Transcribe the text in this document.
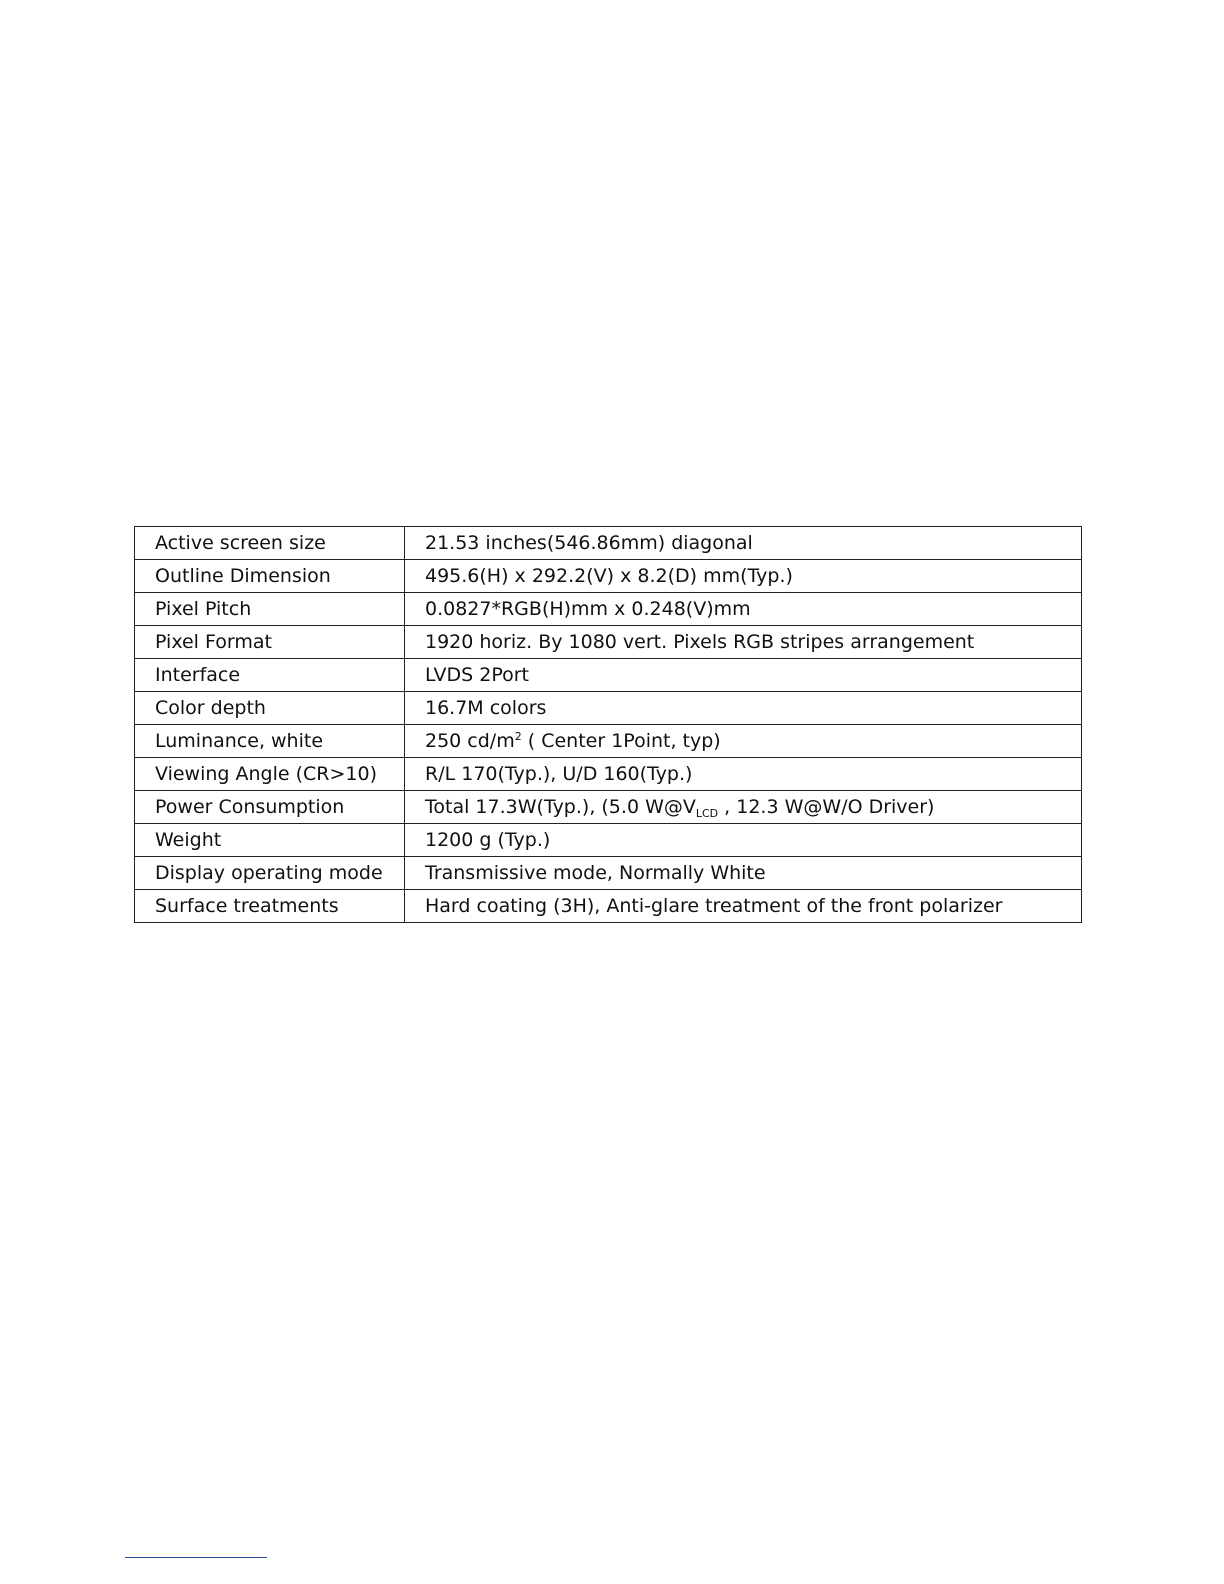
Active screen size	21.53 inches(546.86mm) diagonal
Outline Dimension	495.6(H) x 292.2(V) x 8.2(D) mm(Typ.)
Pixel Pitch	0.0827*RGB(H)mm x 0.248(V)mm
Pixel Format	1920 horiz. By 1080 vert. Pixels RGB stripes arrangement
Interface	LVDS 2Port
Color depth	16.7M colors
Luminance, white	250 $cd/m^2$ ( Center 1Point, typ)
Viewing Angle (CR>10)	R/L 170(Typ.), U/D 160(Typ.)
Power Consumption	Total 17.3W(Typ.), (5.0 $W@V_{LCD}$ , 12.3 W@W/O Driver)
Weight	1200 g (Typ.)
Display operating mode	Transmissive mode, Normally White
Surface treatments	Hard coating (3H), Anti-glare treatment of the front polarizer
